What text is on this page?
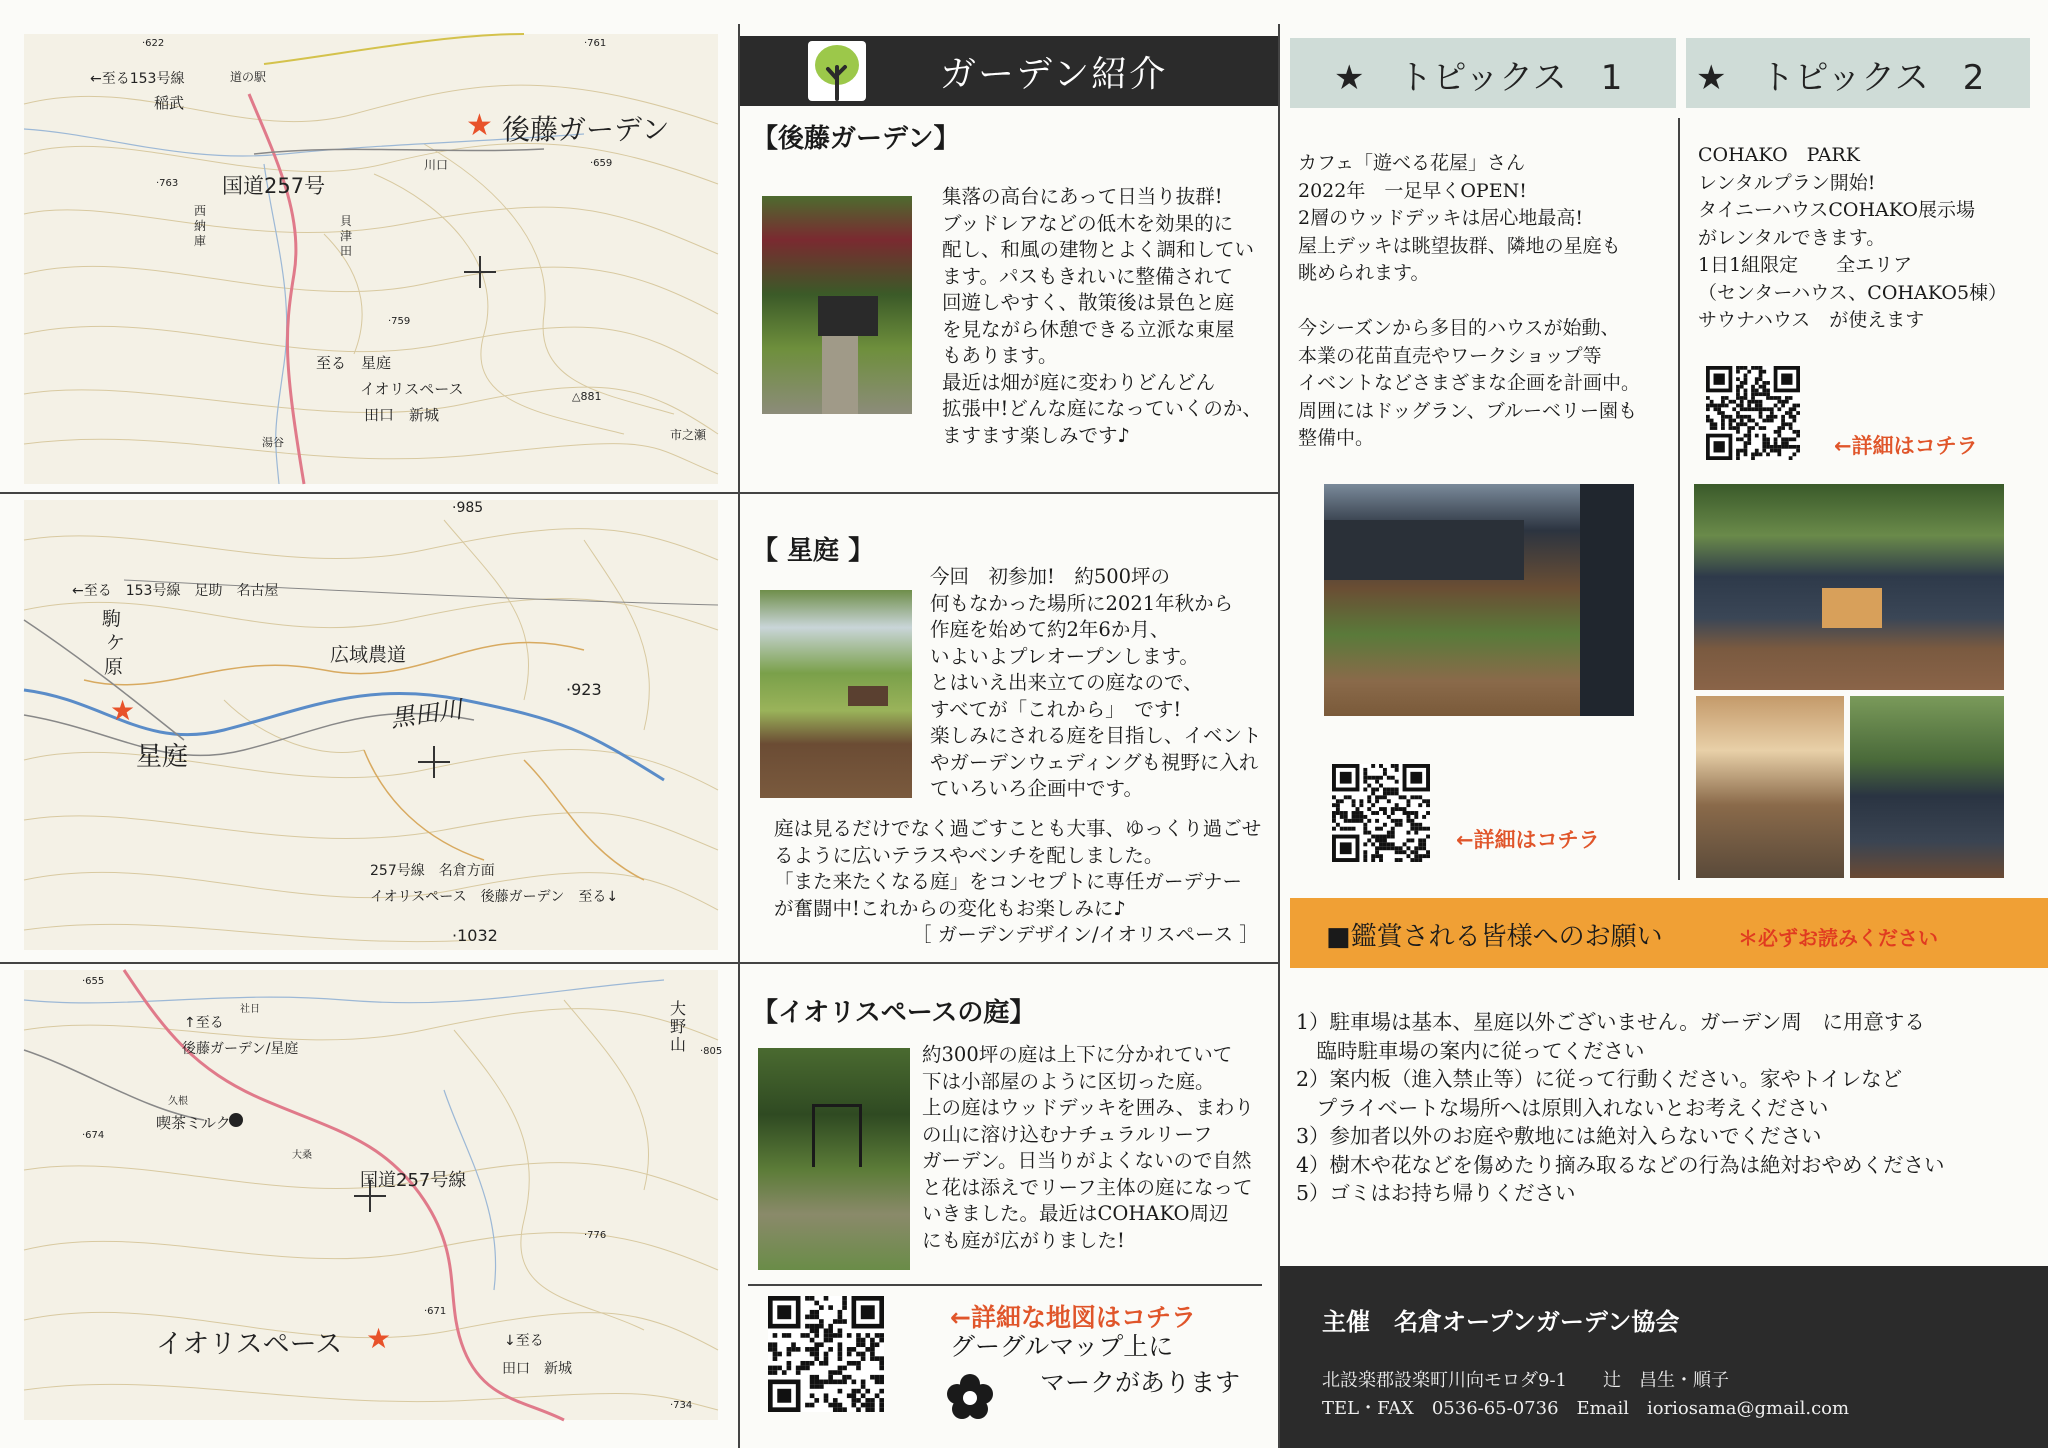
←至る153号線	道の駅
稲武
国道257号
西納庫
貝津田
川口
至る　星庭
イオリスペース
田口　新城
市之瀬
湯谷
·622	·761
·659
·763
·759
△881
★ 後藤ガーデン
←至る　153号線　足助　名古屋
駒
ケ
原
広域農道
黒田川
257号線　名倉方面
イオリスペース　後藤ガーデン　至る↓
·985
·923
·1032
★
星庭
↑至る
後藤ガーデン/星庭
喫茶ミルク
国道257号線
大野山
↓至る
田口　新城
社日
久根
大桑
·655
·674
·776
·734
·671
·805
イオリスペース ★
ガーデン紹介
【後藤ガーデン】
集落の高台にあって日当り抜群!
ブッドレアなどの低木を効果的に
配し、和風の建物とよく調和してい
ます。パスもきれいに整備されて
回遊しやすく、散策後は景色と庭
を見ながら休憩できる立派な東屋
もあります。
最近は畑が庭に変わりどんどん
拡張中!どんな庭になっていくのか、
ますます楽しみです♪
【 星庭 】
今回　初参加!　約500坪の
何もなかった場所に2021年秋から
作庭を始めて約2年6か月、
いよいよプレオープンします。
とはいえ出来立ての庭なので、
すべてが「これから」　です!
楽しみにされる庭を目指し、イベント
やガーデンウェディングも視野に入れ
ていろいろ企画中です。
庭は見るだけでなく過ごすことも大事、ゆっくり過ごせ
るように広いテラスやベンチを配しました。
「また来たくなる庭」をコンセプトに専任ガーデナー
が奮闘中!これからの変化もお楽しみに♪
［ ガーデンデザイン/イオリスペース ］
【イオリスペースの庭】
約300坪の庭は上下に分かれていて
下は小部屋のように区切った庭。
上の庭はウッドデッキを囲み、まわり
の山に溶け込むナチュラルリーフ
ガーデン。日当りがよくないので自然
と花は添えでリーフ主体の庭になって
いきました。最近はCOHAKO周辺
にも庭が広がりました!
←詳細な地図はコチラ
グーグルマップ上に
マークがあります
★　トピックス　1 ★　トピックス　2
カフェ「遊べる花屋」さん
2022年　一足早くOPEN!
2層のウッドデッキは居心地最高!
屋上デッキは眺望抜群、隣地の星庭も
眺められます。

今シーズンから多目的ハウスが始動、
本業の花苗直売やワークショップ等
イベントなどさまざまな企画を計画中。
周囲にはドッグラン、ブルーベリー園も
整備中。
←詳細はコチラ
COHAKO　PARK
レンタルプラン開始!
タイニーハウスCOHAKO展示場
がレンタルできます。
1日1組限定　　全エリア
（センターハウス、COHAKO5棟）
サウナハウス　が使えます
←詳細はコチラ
■鑑賞される皆様へのお願い	＊必ずお読みください
1）駐車場は基本、星庭以外ございません。ガーデン周　に用意する
　臨時駐車場の案内に従ってください
2）案内板（進入禁止等）に従って行動ください。家やトイレなど
　プライベートな場所へは原則入れないとお考えください
3）参加者以外のお庭や敷地には絶対入らないでください
4）樹木や花などを傷めたり摘み取るなどの行為は絶対おやめください
5）ゴミはお持ち帰りください
主催　名倉オープンガーデン協会
北設楽郡設楽町川向モロダ9-1　　辻　昌生・順子
TEL・FAX　0536-65-0736　Email　ioriosama@gmail.com
